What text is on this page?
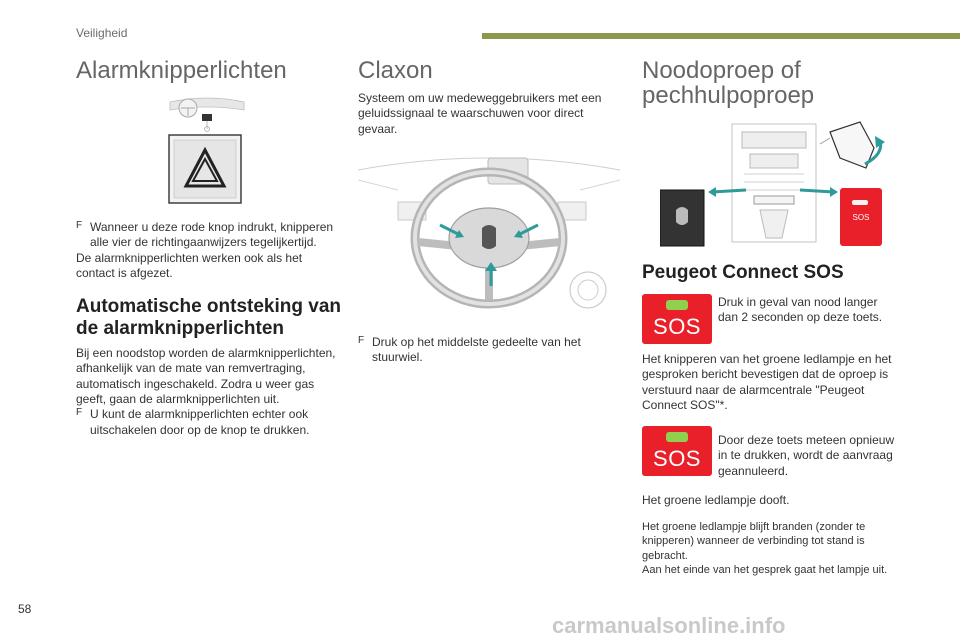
Veiligheid
Alarmknipperlichten
F Wanneer u deze rode knop indrukt, knipperen alle vier de richtingaanwijzers tegelijkertijd.

De alarmknipperlichten werken ook als het contact is afgezet.

Automatische ontsteking van de alarmknipperlichten

Bij een noodstop worden de alarmknipperlichten, afhankelijk van de mate van remvertraging, automatisch ingeschakeld. Zodra u weer gas geeft, gaan de alarmknipperlichten uit.

F U kunt de alarmknipperlichten echter ook uitschakelen door op de knop te drukken.
Claxon

Systeem om uw medeweggebruikers met een geluidssignaal te waarschuwen voor direct gevaar.

F Druk op het middelste gedeelte van het stuurwiel.
Noodoproep of pechhulpoproep
SOS
Peugeot Connect SOS
SOS

Druk in geval van nood langer dan 2 seconden op deze toets.

Het knipperen van het groene ledlampje en het gesproken bericht bevestigen dat de oproep is verstuurd naar de alarmcentrale "Peugeot Connect SOS"*.

SOS

Door deze toets meteen opnieuw in te drukken, wordt de aanvraag geannuleerd.

Het groene ledlampje dooft.

Het groene ledlampje blijft branden (zonder te knipperen) wanneer de verbinding tot stand is gebracht.

Aan het einde van het gesprek gaat het lampje uit.

58
carmanualsonline.info
